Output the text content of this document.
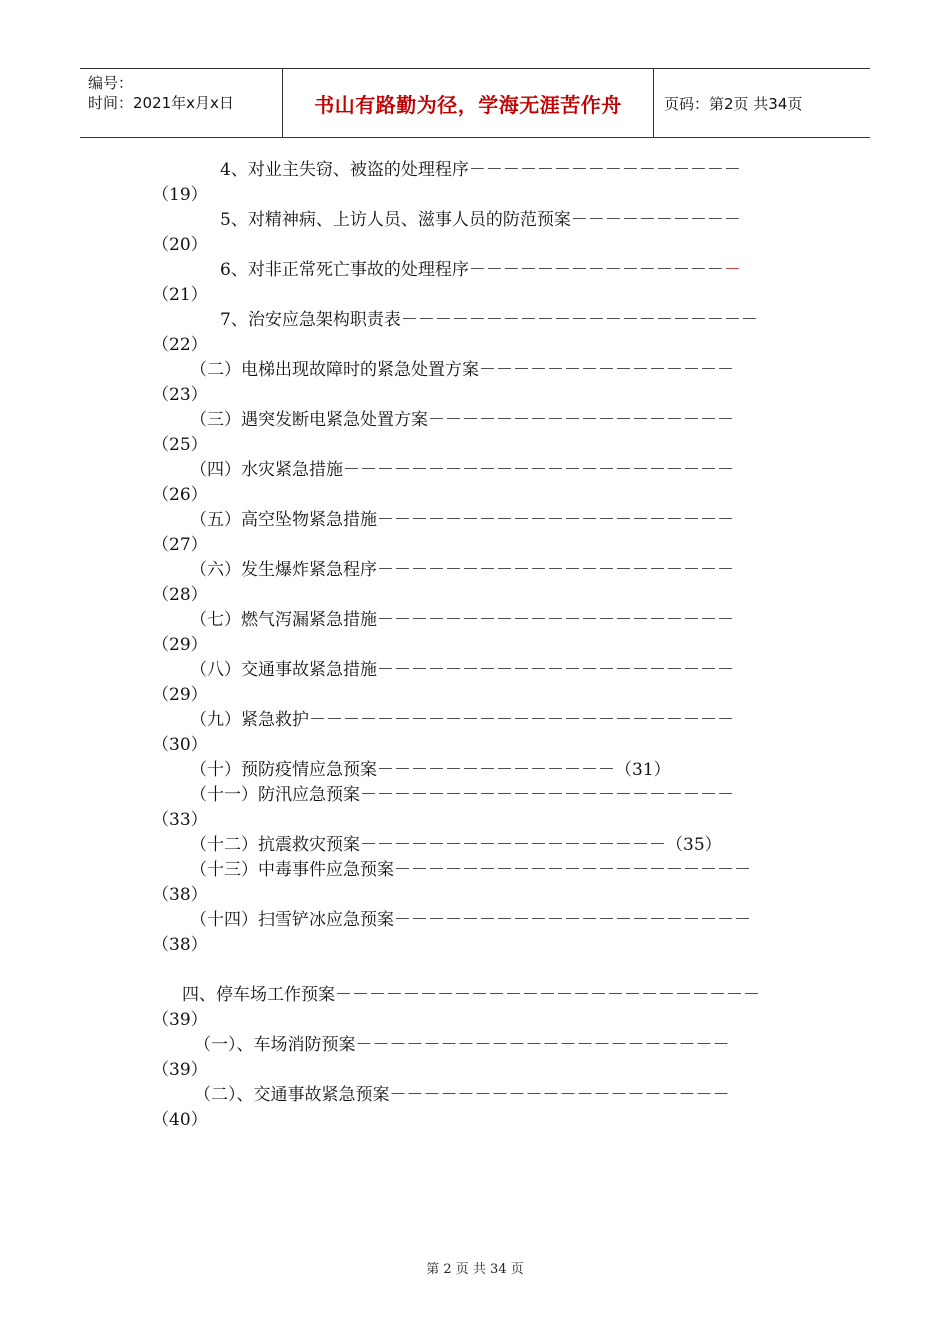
编号：
时间：2021年x月x日	书山有路勤为径，学海无涯苦作舟	页码：第2页 共34页
4、对业主失窃、被盗的处理程序－－－－－－－－－－－－－－－－
（19）
5、对精神病、上访人员、滋事人员的防范预案－－－－－－－－－－
（20）
6、对非正常死亡事故的处理程序－－－－－－－－－－－－－－－－
（21）
7、治安应急架构职责表－－－－－－－－－－－－－－－－－－－－－
（22）
（二）电梯出现故障时的紧急处置方案－－－－－－－－－－－－－－－
（23）
（三）遇突发断电紧急处置方案－－－－－－－－－－－－－－－－－－
（25）
（四）水灾紧急措施－－－－－－－－－－－－－－－－－－－－－－－
（26）
（五）高空坠物紧急措施－－－－－－－－－－－－－－－－－－－－－
（27）
（六）发生爆炸紧急程序－－－－－－－－－－－－－－－－－－－－－
（28）
（七）燃气泻漏紧急措施－－－－－－－－－－－－－－－－－－－－－
（29）
（八）交通事故紧急措施－－－－－－－－－－－－－－－－－－－－－
（29）
（九）紧急救护－－－－－－－－－－－－－－－－－－－－－－－－－
（30）
（十）预防疫情应急预案－－－－－－－－－－－－－－（31）
（十一）防汛应急预案－－－－－－－－－－－－－－－－－－－－－－
（33）
（十二）抗震救灾预案－－－－－－－－－－－－－－－－－－（35）
（十三）中毒事件应急预案－－－－－－－－－－－－－－－－－－－－－
（38）
（十四）扫雪铲冰应急预案－－－－－－－－－－－－－－－－－－－－－
（38）
四、停车场工作预案－－－－－－－－－－－－－－－－－－－－－－－－－
（39）
（一）、车场消防预案－－－－－－－－－－－－－－－－－－－－－－
（39）
（二）、交通事故紧急预案－－－－－－－－－－－－－－－－－－－－
（40）
第 2 页 共 34 页
